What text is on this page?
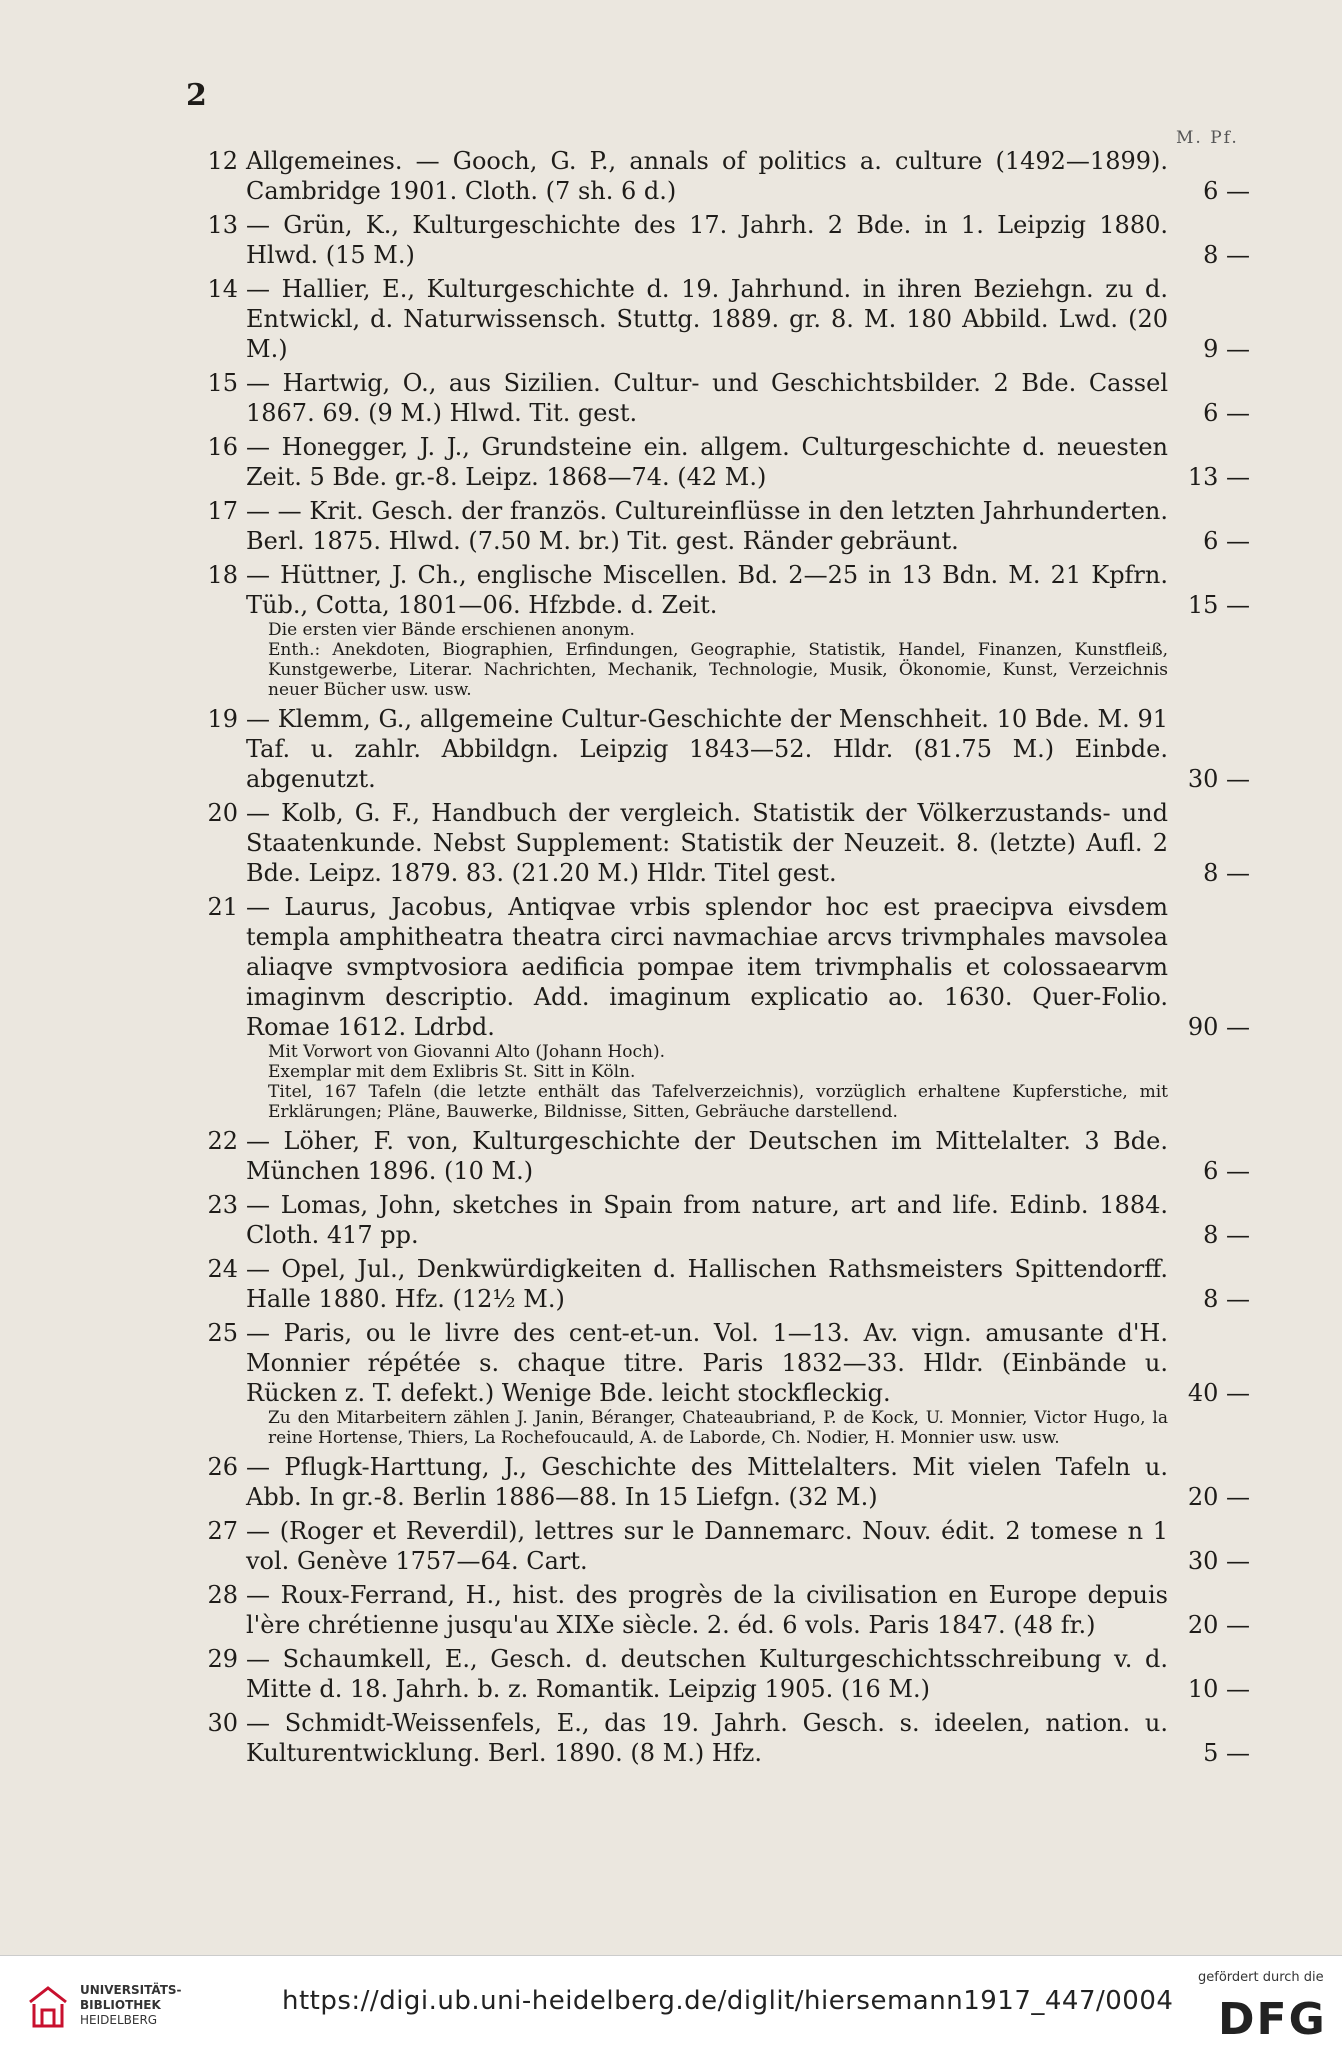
2
M. Pf.
12 Allgemeines. — Gooch, G. P., annals of politics a. culture (1492—1899). Cambridge 1901. Cloth. (7 sh. 6 d.)	6 —
13 — Grün, K., Kulturgeschichte des 17. Jahrh. 2 Bde. in 1. Leipzig 1880. Hlwd. (15 M.)	8 —
14 — Hallier, E., Kulturgeschichte d. 19. Jahrhund. in ihren Beziehgn. zu d. Entwickl, d. Naturwissensch. Stuttg. 1889. gr. 8. M. 180 Abbild. Lwd. (20 M.)	9 —
15 — Hartwig, O., aus Sizilien. Cultur- und Geschichtsbilder. 2 Bde. Cassel 1867. 69. (9 M.) Hlwd. Tit. gest.	6 —
16 — Honegger, J. J., Grundsteine ein. allgem. Culturgeschichte d. neuesten Zeit. 5 Bde. gr.-8. Leipz. 1868—74. (42 M.)	13 —
17 — — Krit. Gesch. der französ. Cultureinflüsse in den letzten Jahrhunderten. Berl. 1875. Hlwd. (7.50 M. br.) Tit. gest. Ränder gebräunt.	6 —
18 — Hüttner, J. Ch., englische Miscellen. Bd. 2—25 in 13 Bdn. M. 21 Kpfrn. Tüb., Cotta, 1801—06. Hfzbde. d. Zeit.	15 —

Die ersten vier Bände erschienen anonym.

Enth.: Anekdoten, Biographien, Erfindungen, Geographie, Statistik, Handel, Finanzen, Kunstfleiß, Kunstgewerbe, Literar. Nachrichten, Mechanik, Technologie, Musik, Ökonomie, Kunst, Verzeichnis neuer Bücher usw. usw.

19 — Klemm, G., allgemeine Cultur-Geschichte der Menschheit. 10 Bde. M. 91 Taf. u. zahlr. Abbildgn. Leipzig 1843—52. Hldr. (81.75 M.) Einbde. abgenutzt.	30 —
20 — Kolb, G. F., Handbuch der vergleich. Statistik der Völkerzustands- und Staatenkunde. Nebst Supplement: Statistik der Neuzeit. 8. (letzte) Aufl. 2 Bde. Leipz. 1879. 83. (21.20 M.) Hldr. Titel gest.	8 —
21 — Laurus, Jacobus, Antiqvae vrbis splendor hoc est praecipva eivsdem templa amphitheatra theatra circi navmachiae arcvs trivmphales mavsolea aliaqve svmptvosiora aedificia pompae item trivmphalis et colossaearvm imaginvm descriptio. Add. imaginum explicatio ao. 1630. Quer-Folio. Romae 1612. Ldrbd.	90 —

Mit Vorwort von Giovanni Alto (Johann Hoch).

Exemplar mit dem Exlibris St. Sitt in Köln.

Titel, 167 Tafeln (die letzte enthält das Tafelverzeichnis), vorzüglich erhaltene Kupferstiche, mit Erklärungen; Pläne, Bauwerke, Bildnisse, Sitten, Gebräuche darstellend.

22 — Löher, F. von, Kulturgeschichte der Deutschen im Mittelalter. 3 Bde. München 1896. (10 M.)	6 —
23 — Lomas, John, sketches in Spain from nature, art and life. Edinb. 1884. Cloth. 417 pp.	8 —
24 — Opel, Jul., Denkwürdigkeiten d. Hallischen Rathsmeisters Spittendorff. Halle 1880. Hfz. (12½ M.)	8 —
25 — Paris, ou le livre des cent-et-un. Vol. 1—13. Av. vign. amusante d'H. Monnier répétée s. chaque titre. Paris 1832—33. Hldr. (Einbände u. Rücken z. T. defekt.) Wenige Bde. leicht stockfleckig.	40 —

Zu den Mitarbeitern zählen J. Janin, Béranger, Chateaubriand, P. de Kock, U. Monnier, Victor Hugo, la reine Hortense, Thiers, La Rochefoucauld, A. de Laborde, Ch. Nodier, H. Monnier usw. usw.

26 — Pflugk-Harttung, J., Geschichte des Mittelalters. Mit vielen Tafeln u. Abb. In gr.-8. Berlin 1886—88. In 15 Liefgn. (32 M.)	20 —
27 — (Roger et Reverdil), lettres sur le Dannemarc. Nouv. édit. 2 tomese n 1 vol. Genève 1757—64. Cart.	30 —
28 — Roux-Ferrand, H., hist. des progrès de la civilisation en Europe depuis l'ère chrétienne jusqu'au XIXe siècle. 2. éd. 6 vols. Paris 1847. (48 fr.)	20 —
29 — Schaumkell, E., Gesch. d. deutschen Kulturgeschichtsschreibung v. d. Mitte d. 18. Jahrh. b. z. Romantik. Leipzig 1905. (16 M.)	10 —
30 — Schmidt-Weissenfels, E., das 19. Jahrh. Gesch. s. ideelen, nation. u. Kulturentwicklung. Berl. 1890. (8 M.) Hfz.	5 —
UNIVERSITÄTS-
BIBLIOTHEK
HEIDELBERG
https://digi.ub.uni-heidelberg.de/diglit/hiersemann1917_447/0004
gefördert durch die
DFG
